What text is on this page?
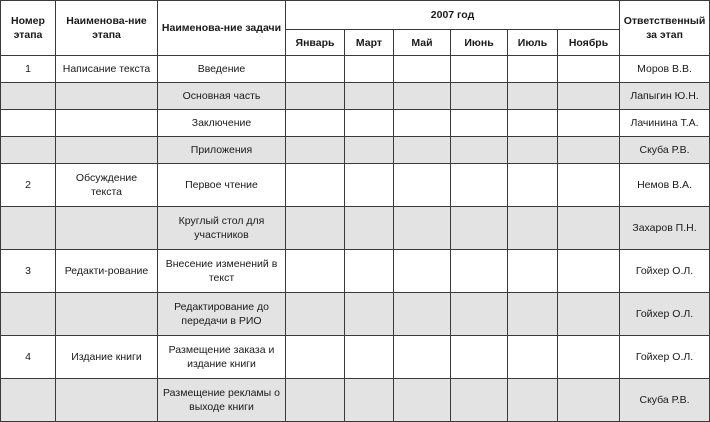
Номер этапа	Наименова-ние этапа	Наименова-ние задачи	2007 год						Ответственный за этап
			Январь	Март	Май	Июнь	Июль	Ноябрь	
1	Написание текста	Введение							Моров В.В.
		Основная часть							Лапыгин Ю.Н.
		Заключение							Лачинина Т.А.
		Приложения							Скуба Р.В.
2	Обсуждение текста	Первое чтение							Немов В.А.
		Круглый стол для участников							Захаров П.Н.
3	Редакти-рование	Внесение изменений в текст							Гойхер О.Л.
		Редактирование до передачи в РИО							Гойхер О.Л.
4	Издание книги	Размещение заказа и издание книги							Гойхер О.Л.
		Размещение рекламы о выходе книги							Скуба Р.В.
